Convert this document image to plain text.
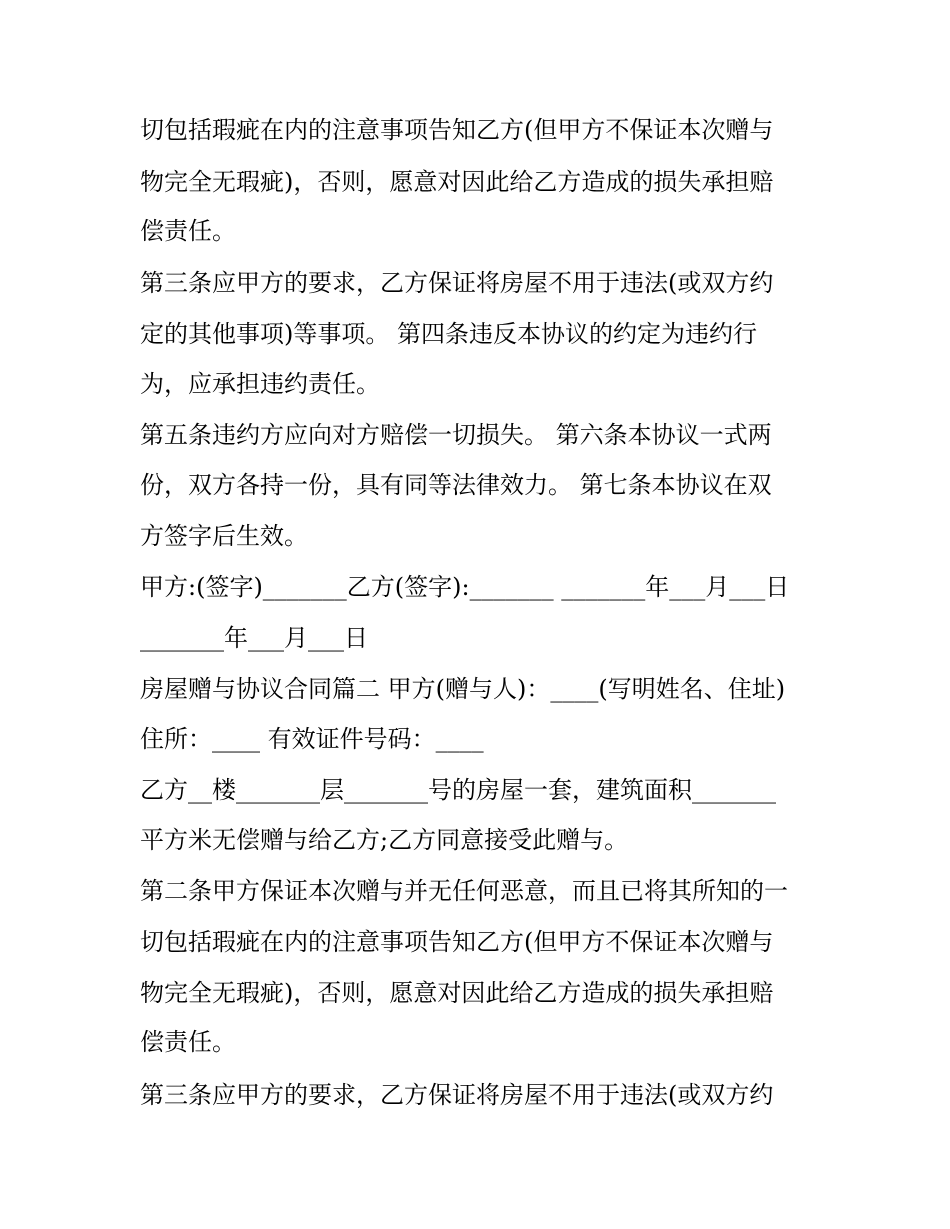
切包括瑕疵在内的注意事项告知乙方(但甲方不保证本次赠与
物完全无瑕疵)，否则，愿意对因此给乙方造成的损失承担赔
偿责任。
第三条应甲方的要求，乙方保证将房屋不用于违法(或双方约
定的其他事项)等事项。 第四条违反本协议的约定为违约行
为，应承担违约责任。
第五条违约方应向对方赔偿一切损失。 第六条本协议一式两
份，双方各持一份，具有同等法律效力。 第七条本协议在双
方签字后生效。
甲方:(签字)_______乙方(签字):_______ _______年___月___日
_______年___月___日
房屋赠与协议合同篇二 甲方(赠与人)：____(写明姓名、住址)
住所：____ 有效证件号码：____
乙方__楼_______层_______号的房屋一套，建筑面积_______
平方米无偿赠与给乙方;乙方同意接受此赠与。
第二条甲方保证本次赠与并无任何恶意，而且已将其所知的一
切包括瑕疵在内的注意事项告知乙方(但甲方不保证本次赠与
物完全无瑕疵)，否则，愿意对因此给乙方造成的损失承担赔
偿责任。
第三条应甲方的要求，乙方保证将房屋不用于违法(或双方约
